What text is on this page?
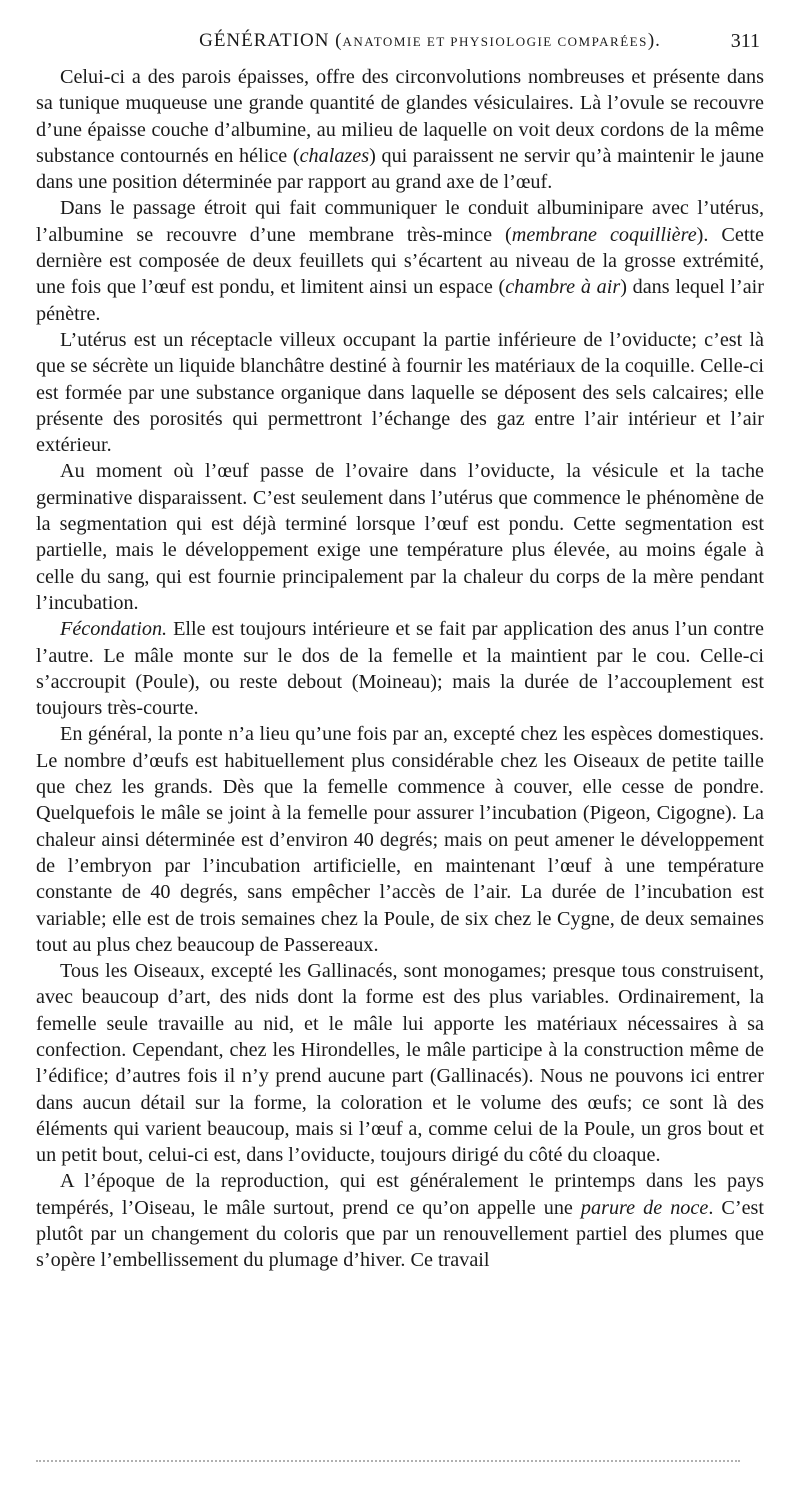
GÉNÉRATION (ANATOMIE ET PHYSIOLOGIE COMPARÉES).	311

Celui-ci a des parois épaisses, offre des circonvolutions nombreuses et présente dans sa tunique muqueuse une grande quantité de glandes vésiculaires. Là l’ovule se recouvre d’une épaisse couche d’albumine, au milieu de laquelle on voit deux cordons de la même substance contournés en hélice (chalazes) qui paraissent ne servir qu’à maintenir le jaune dans une position déterminée par rapport au grand axe de l’œuf.

Dans le passage étroit qui fait communiquer le conduit albuminipare avec l’utérus, l’albumine se recouvre d’une membrane très-mince (membrane coquillière). Cette dernière est composée de deux feuillets qui s’écartent au niveau de la grosse extrémité, une fois que l’œuf est pondu, et limitent ainsi un espace (chambre à air) dans lequel l’air pénètre.

L’utérus est un réceptacle villeux occupant la partie inférieure de l’oviducte; c’est là que se sécrète un liquide blanchâtre destiné à fournir les matériaux de la coquille. Celle-ci est formée par une substance organique dans laquelle se déposent des sels calcaires; elle présente des porosités qui permettront l’échange des gaz entre l’air intérieur et l’air extérieur.

Au moment où l’œuf passe de l’ovaire dans l’oviducte, la vésicule et la tache germinative disparaissent. C’est seulement dans l’utérus que commence le phénomène de la segmentation qui est déjà terminé lorsque l’œuf est pondu. Cette segmentation est partielle, mais le développement exige une température plus élevée, au moins égale à celle du sang, qui est fournie principalement par la chaleur du corps de la mère pendant l’incubation.

Fécondation. Elle est toujours intérieure et se fait par application des anus l’un contre l’autre. Le mâle monte sur le dos de la femelle et la maintient par le cou. Celle-ci s’accroupit (Poule), ou reste debout (Moineau); mais la durée de l’accouplement est toujours très-courte.

En général, la ponte n’a lieu qu’une fois par an, excepté chez les espèces domestiques. Le nombre d’œufs est habituellement plus considérable chez les Oiseaux de petite taille que chez les grands. Dès que la femelle commence à couver, elle cesse de pondre. Quelquefois le mâle se joint à la femelle pour assurer l’incubation (Pigeon, Cigogne). La chaleur ainsi déterminée est d’environ 40 degrés; mais on peut amener le développement de l’embryon par l’incubation artificielle, en maintenant l’œuf à une température constante de 40 degrés, sans empêcher l’accès de l’air. La durée de l’incubation est variable; elle est de trois semaines chez la Poule, de six chez le Cygne, de deux semaines tout au plus chez beaucoup de Passereaux.

Tous les Oiseaux, excepté les Gallinacés, sont monogames; presque tous construisent, avec beaucoup d’art, des nids dont la forme est des plus variables. Ordinairement, la femelle seule travaille au nid, et le mâle lui apporte les matériaux nécessaires à sa confection. Cependant, chez les Hirondelles, le mâle participe à la construction même de l’édifice; d’autres fois il n’y prend aucune part (Gallinacés). Nous ne pouvons ici entrer dans aucun détail sur la forme, la coloration et le volume des œufs; ce sont là des éléments qui varient beaucoup, mais si l’œuf a, comme celui de la Poule, un gros bout et un petit bout, celui-ci est, dans l’oviducte, toujours dirigé du côté du cloaque.

A l’époque de la reproduction, qui est généralement le printemps dans les pays tempérés, l’Oiseau, le mâle surtout, prend ce qu’on appelle une parure de noce. C’est plutôt par un changement du coloris que par un renouvellement partiel des plumes que s’opère l’embellissement du plumage d’hiver. Ce travail
